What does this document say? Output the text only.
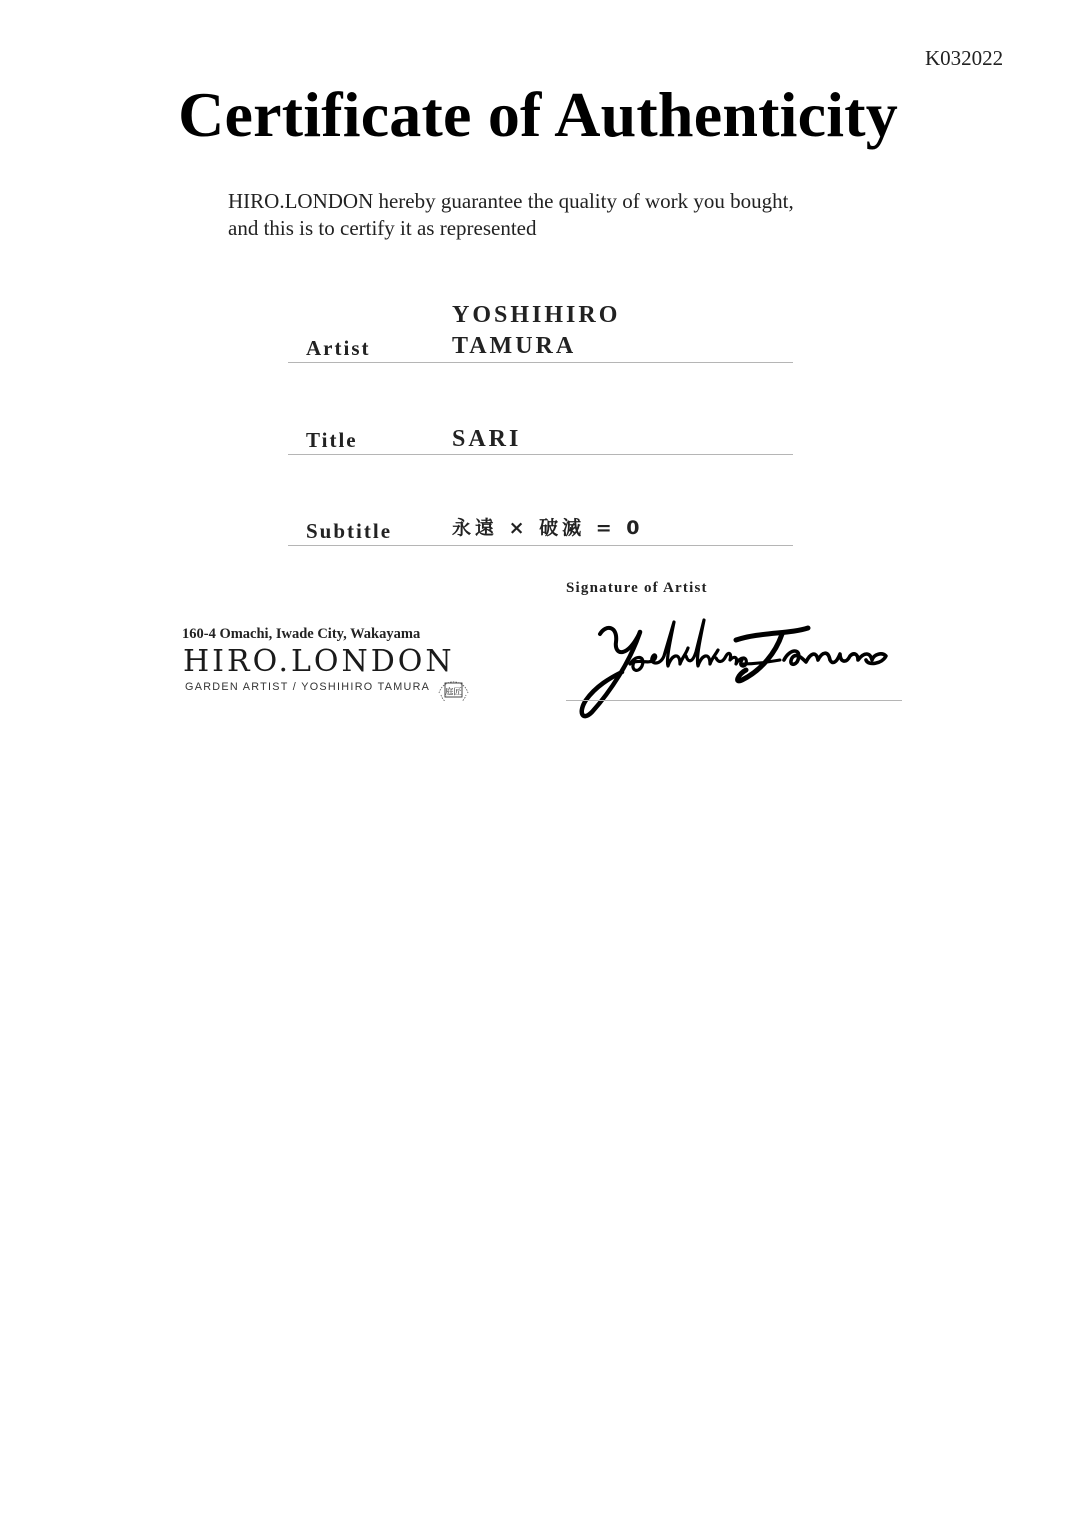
K032022
Certificate of Authenticity
HIRO.LONDON hereby guarantee the quality of work you bought,
and this is to certify it as represented
Artist
YOSHIHIRO
TAMURA
Title	SARI
Subtitle	永遠 × 破滅 = 0
Signature of Artist
160-4 Omachi, Iwade City, Wakayama
HIRO.LONDON
GARDEN ARTIST / YOSHIHIRO TAMURA 庭匠
